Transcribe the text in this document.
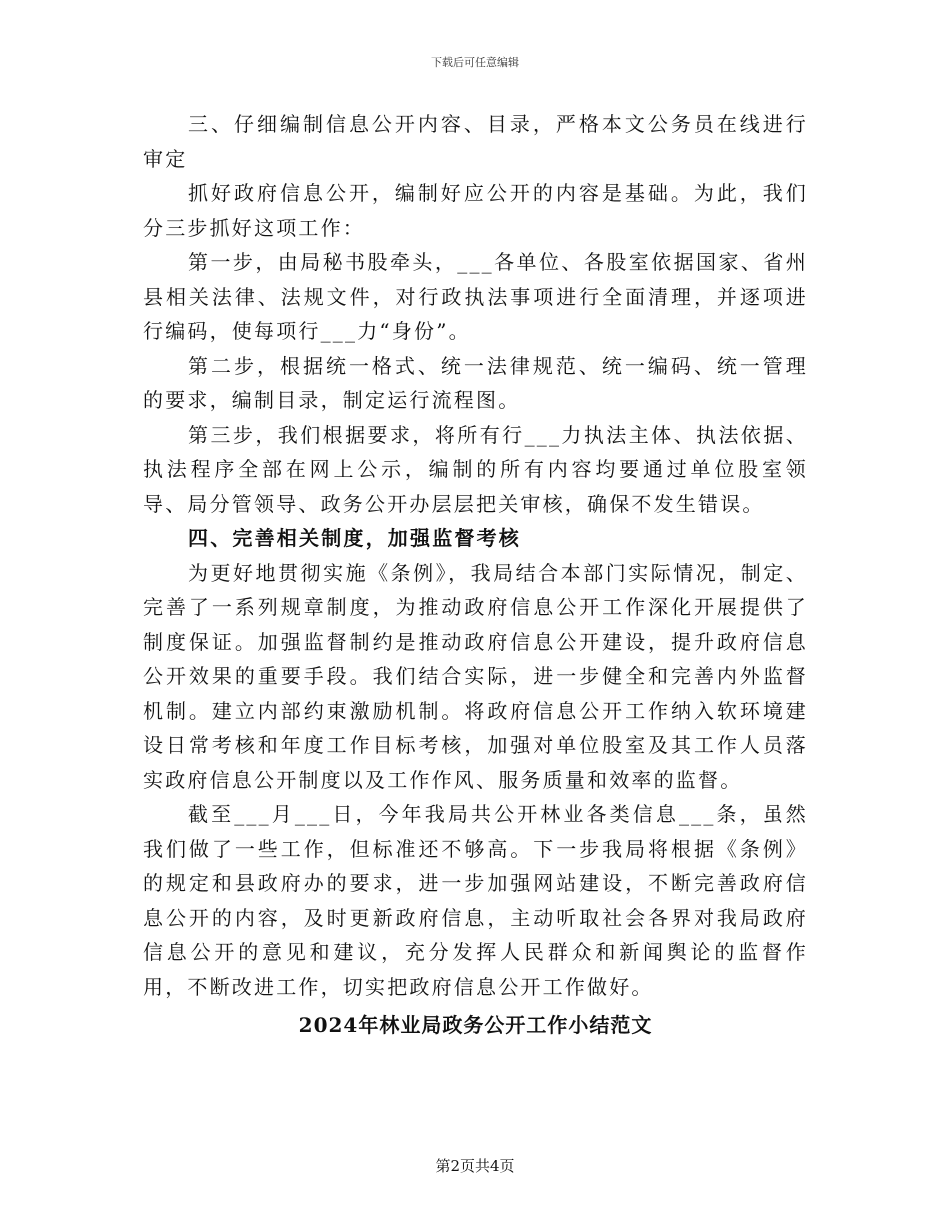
下载后可任意编辑

三、仔细编制信息公开内容、目录，严格本文公务员在线进行审定

抓好政府信息公开，编制好应公开的内容是基础。为此，我们分三步抓好这项工作：

第一步，由局秘书股牵头，___各单位、各股室依据国家、省州县相关法律、法规文件，对行政执法事项进行全面清理，并逐项进行编码，使每项行___力“身份”。

第二步，根据统一格式、统一法律规范、统一编码、统一管理的要求，编制目录，制定运行流程图。

第三步，我们根据要求，将所有行___力执法主体、执法依据、执法程序全部在网上公示，编制的所有内容均要通过单位股室领导、局分管领导、政务公开办层层把关审核，确保不发生错误。

四、完善相关制度，加强监督考核

为更好地贯彻实施《条例》，我局结合本部门实际情况，制定、完善了一系列规章制度，为推动政府信息公开工作深化开展提供了制度保证。加强监督制约是推动政府信息公开建设，提升政府信息公开效果的重要手段。我们结合实际，进一步健全和完善内外监督机制。建立内部约束激励机制。将政府信息公开工作纳入软环境建设日常考核和年度工作目标考核，加强对单位股室及其工作人员落实政府信息公开制度以及工作作风、服务质量和效率的监督。

截至___月___日，今年我局共公开林业各类信息___条，虽然我们做了一些工作，但标准还不够高。下一步我局将根据《条例》的规定和县政府办的要求，进一步加强网站建设，不断完善政府信息公开的内容，及时更新政府信息，主动听取社会各界对我局政府信息公开的意见和建议，充分发挥人民群众和新闻舆论的监督作用，不断改进工作，切实把政府信息公开工作做好。

2024年林业局政务公开工作小结范文

第2页共4页
